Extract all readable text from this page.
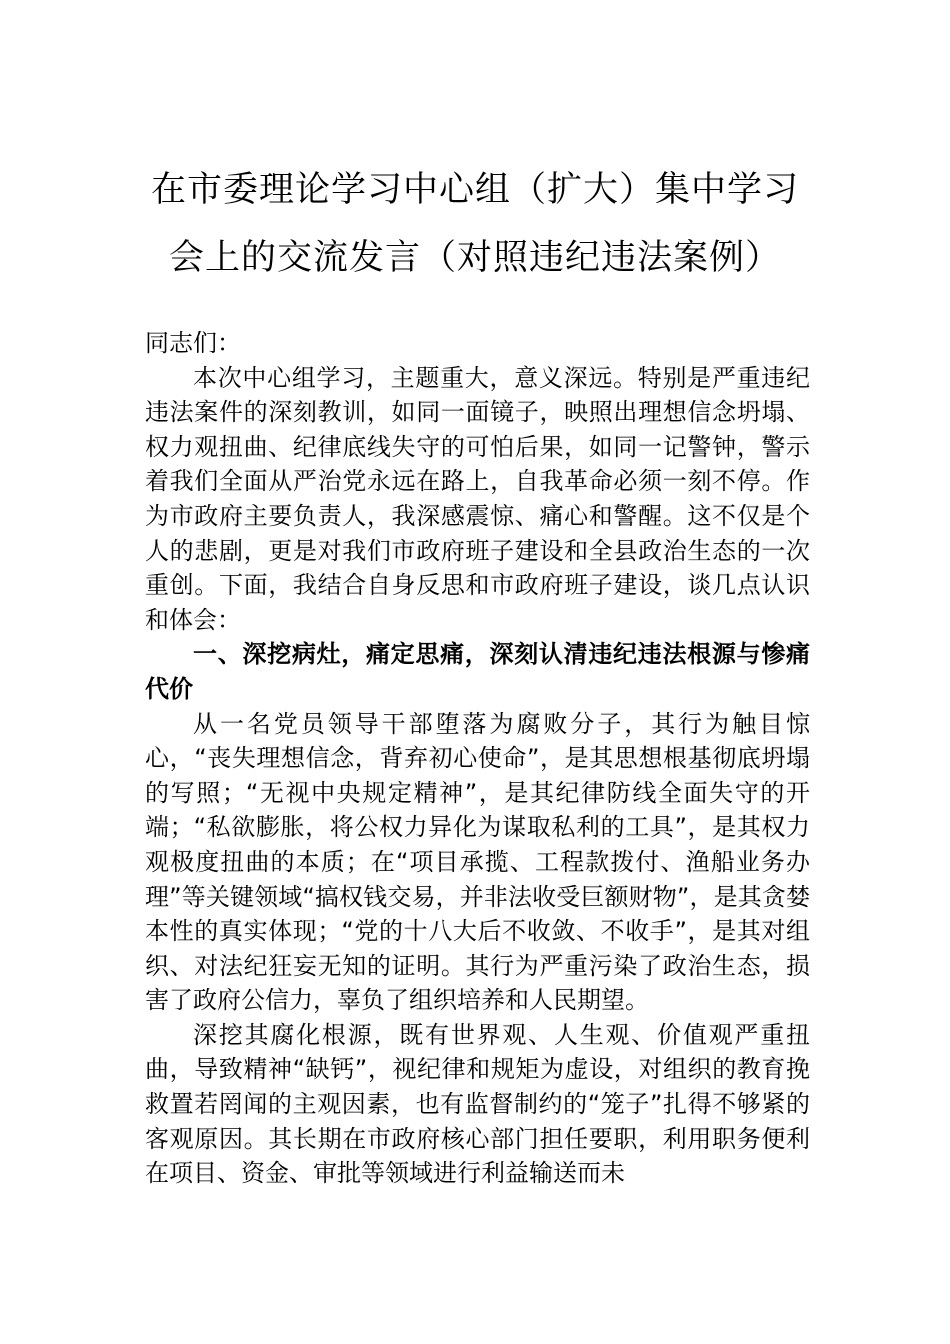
在市委理论学习中心组（扩大）集中学习
会上的交流发言（对照违纪违法案例）

同志们：

本次中心组学习，主题重大，意义深远。特别是严重违纪违法案件的深刻教训，如同一面镜子，映照出理想信念坍塌、权力观扭曲、纪律底线失守的可怕后果，如同一记警钟，警示着我们全面从严治党永远在路上，自我革命必须一刻不停。作为市政府主要负责人，我深感震惊、痛心和警醒。这不仅是个人的悲剧，更是对我们市政府班子建设和全县政治生态的一次重创。下面，我结合自身反思和市政府班子建设，谈几点认识和体会：

一、深挖病灶，痛定思痛，深刻认清违纪违法根源与惨痛代价

从一名党员领导干部堕落为腐败分子，其行为触目惊心，“丧失理想信念，背弃初心使命”，是其思想根基彻底坍塌的写照；“无视中央规定精神”，是其纪律防线全面失守的开端；“私欲膨胀，将公权力异化为谋取私利的工具”，是其权力观极度扭曲的本质；在“项目承揽、工程款拨付、渔船业务办理”等关键领域“搞权钱交易，并非法收受巨额财物”，是其贪婪本性的真实体现；“党的十八大后不收敛、不收手”，是其对组织、对法纪狂妄无知的证明。其行为严重污染了政治生态，损害了政府公信力，辜负了组织培养和人民期望。

深挖其腐化根源，既有世界观、人生观、价值观严重扭曲，导致精神“缺钙”，视纪律和规矩为虚设，对组织的教育挽救置若罔闻的主观因素，也有监督制约的“笼子”扎得不够紧的客观原因。其长期在市政府核心部门担任要职，利用职务便利在项目、资金、审批等领域进行利益输送而未
